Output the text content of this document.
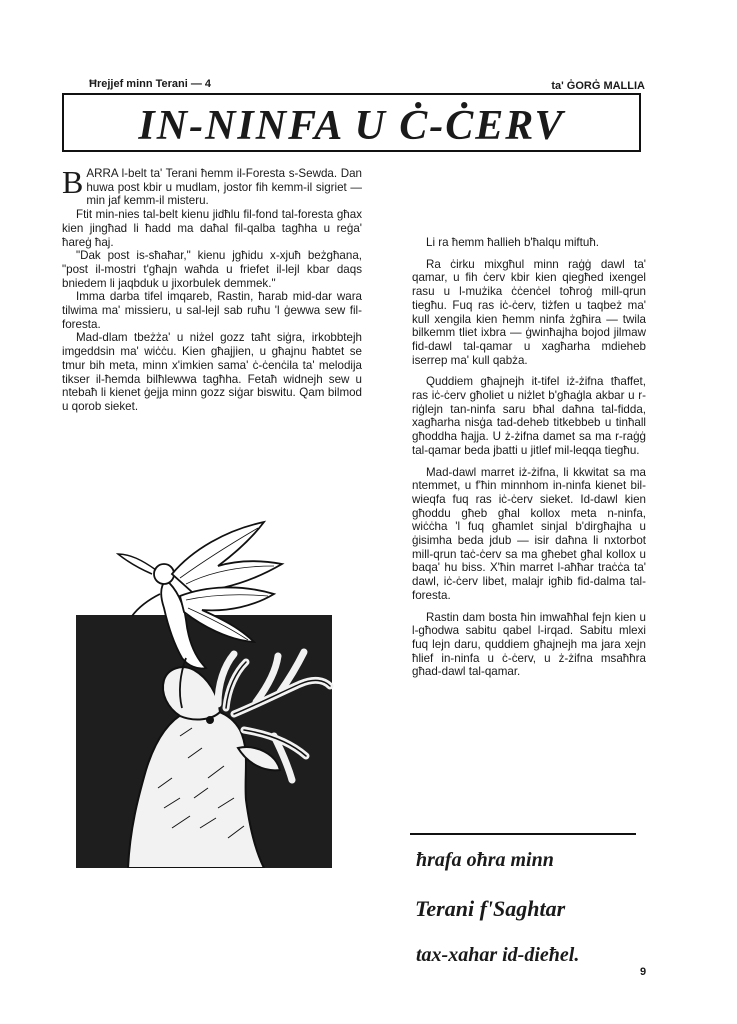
Ħrejjef minn Terani — 4	ta' ĠORĠ MALLIA
IN-NINFA U Ċ-ĊERV

BARRA l-belt ta' Terani ħemm il-Foresta s-Sewda. Dan huwa post kbir u mudlam, jostor fih kemm-il sigriet — min jaf kemm-il misteru.

Ftit min-nies tal-belt kienu jidħlu fil-fond tal-foresta għax kien jingħad li ħadd ma daħal fil-qalba tagħha u reġa' ħareġ ħaj.

"Dak post is-sħaħar," kienu jgħidu x-xjuħ beżgħana, "post il-mostri t'għajn waħda u friefet il-lejl kbar daqs bniedem li jaqbduk u jixorbulek demmek."

Imma darba tifel imqareb, Rastin, ħarab mid-dar wara tilwima ma' missieru, u sal-lejl sab ruħu 'l ġewwa sew fil-foresta.

Mad-dlam tbeżża' u niżel gozz taħt siġra, irkobbtejh imgeddsin ma' wiċċu. Kien għajjien, u għajnu ħabtet se tmur bih meta, minn x'imkien sama' ċ-ċenċila ta' melodija tikser il-ħemda bilħlewwa tagħha. Fetaħ widnejh sew u ntebaħ li kienet ġejja minn gozz siġar biswitu. Qam bilmod u qorob sieket.

Li ra ħemm ħallieh b'ħalqu miftuħ.

Ra ċirku mixgħul minn raġġ dawl ta' qamar, u fih ċerv kbir kien qiegħed ixengel rasu u l-mużika ċċenċel toħroġ mill-qrun tiegħu. Fuq ras iċ-ċerv, tiżfen u taqbeż ma' kull xengila kien ħemm ninfa żgħira — twila bilkemm tliet ixbra — ġwinħajha bojod jilmaw fid-dawl tal-qamar u xagħarha mdieheb iserrep ma' kull qabża.

Quddiem għajnejh it-tifel iż-żifna tħaffet, ras iċ-ċerv għoliet u niżlet b'għaġla akbar u r-riġlejn tan-ninfa saru bħal daħna tal-fidda, xagħarha nisġa tad-deheb titkebbeb u tinħall għoddha ħajja. U ż-żifna damet sa ma r-raġġ tal-qamar beda jbatti u jitlef mil-leqqa tiegħu.

Mad-dawl marret iż-żifna, li kkwitat sa ma ntemmet, u f'ħin minnhom in-ninfa kienet bil-wieqfa fuq ras iċ-ċerv sieket. Id-dawl kien għoddu għeb għal kollox meta n-ninfa, wiċċha 'l fuq għamlet sinjal b'dirgħajha u ġisimha beda jdub — isir daħna li nxtorbot mill-qrun taċ-ċerv sa ma għebet għal kollox u baqa' hu biss. X'ħin marret l-aħħar traċċa ta' dawl, iċ-ċerv libet, malajr igħib fid-dalma tal-foresta.

Rastin dam bosta ħin imwaħħal fejn kien u l-għodwa sabitu qabel l-irqad. Sabitu mlexi fuq lejn daru, quddiem għajnejh ma jara xejn ħlief in-ninfa u ċ-ċerv, u ż-żifna msaħħra għad-dawl tal-qamar.

ħrafa oħra minn
Terani f'Saghtar
tax-xahar id-dieħel.
9
